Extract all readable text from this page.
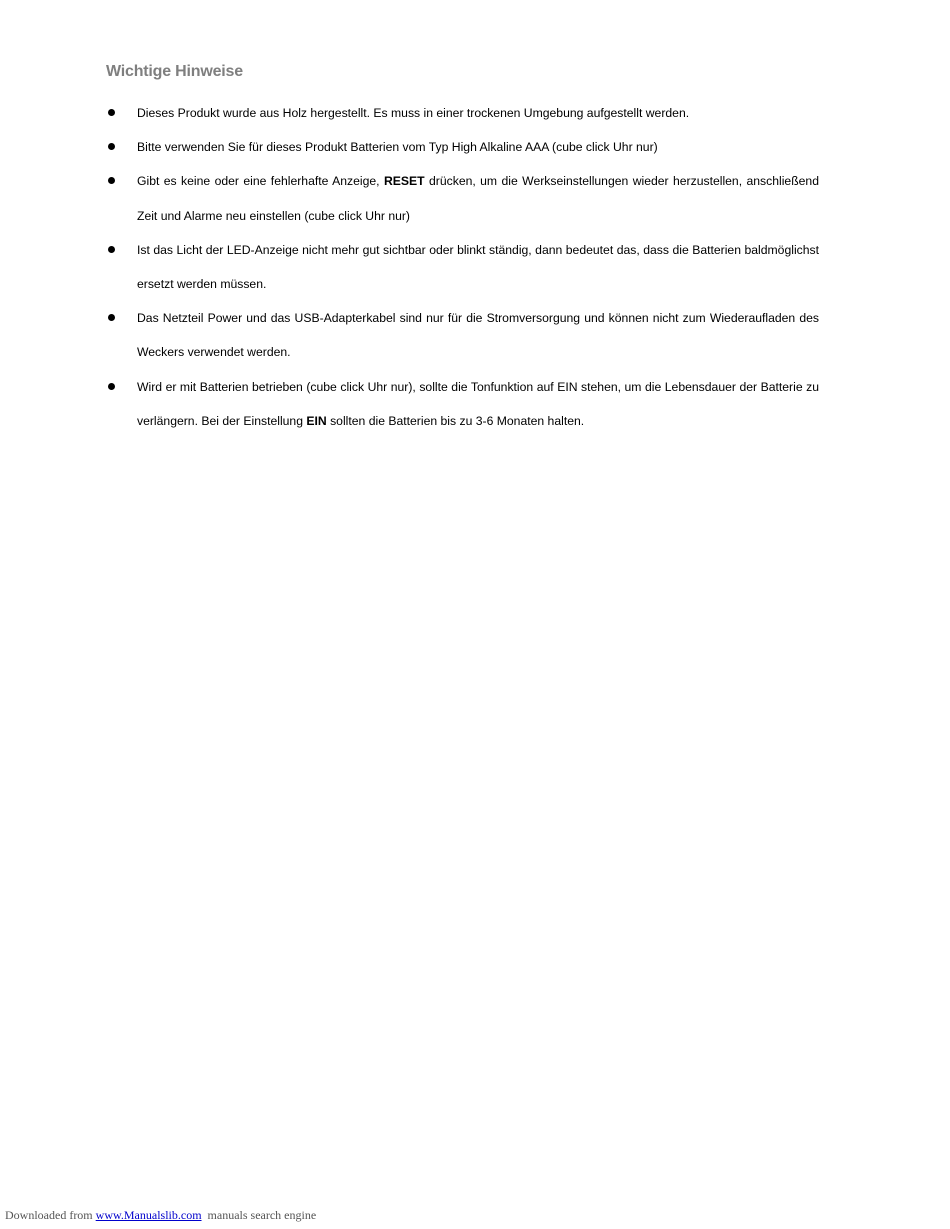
Wichtige Hinweise
Dieses Produkt wurde aus Holz hergestellt. Es muss in einer trockenen Umgebung aufgestellt werden.
Bitte verwenden Sie für dieses Produkt Batterien vom Typ High Alkaline AAA (cube click Uhr nur)
Gibt es keine oder eine fehlerhafte Anzeige, RESET drücken, um die Werkseinstellungen wieder herzustellen, anschließend Zeit und Alarme neu einstellen (cube click Uhr nur)
Ist das Licht der LED-Anzeige nicht mehr gut sichtbar oder blinkt ständig, dann bedeutet das, dass die Batterien baldmöglichst ersetzt werden müssen.
Das Netzteil Power und das USB-Adapterkabel sind nur für die Stromversorgung und können nicht zum Wiederaufladen des Weckers verwendet werden.
Wird er mit Batterien betrieben (cube click Uhr nur), sollte die Tonfunktion auf EIN stehen, um die Lebensdauer der Batterie zu verlängern. Bei der Einstellung EIN sollten die Batterien bis zu 3-6 Monaten halten.
Downloaded from www.Manualslib.com  manuals search engine
